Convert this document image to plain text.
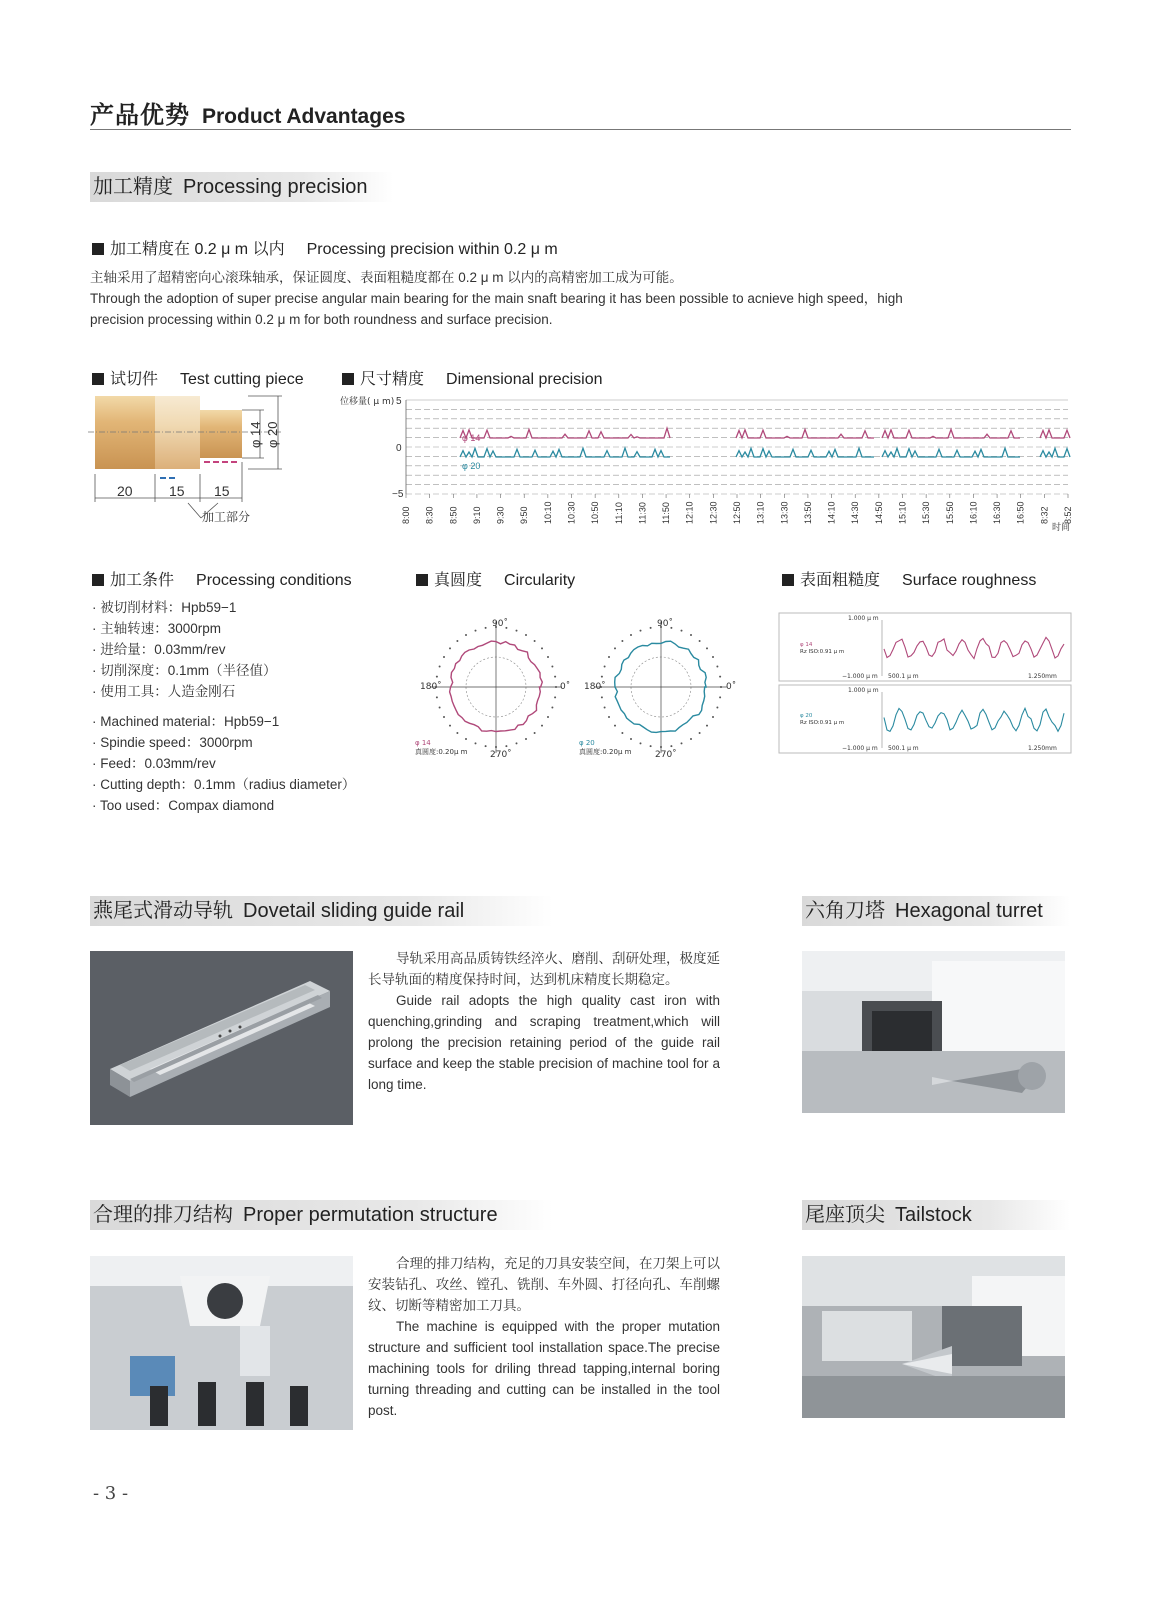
产品优势 Product Advantages
加工精度 Processing precision
加工精度在 0.2 μ m 以内 Processing precision within 0.2 μ m
主轴采用了超精密向心滚珠轴承，保证圆度、表面粗糙度都在 0.2 μ m 以内的高精密加工成为可能。
Through the adoption of super precise angular main bearing for the main snaft bearing it has been possible to acnieve high speed，high
precision processing within 0.2 μ m for both roundness and surface precision.
试切件 Test cutting piece
20	15 15
φ 14 φ 20
加工部分
尺寸精度 Dimensional precision
位移量( μ m) 5
0
−5
φ 14
φ 20
8:00 8:30 8:50 9:10 9:30 9:50 10:10 10:30 10:50 11:10 11:30 11:50 12:10 12:30 12:50 13:10 13:30 13:50 14:10 14:30 14:50 15:10 15:30 15:50 16:10 16:30 16:50 8:32 8:52
时间
加工条件 Processing conditions
· 被切削材料：Hpb59−1
· 主轴转速：3000rpm
· 进给量：0.03mm/rev
· 切削深度：0.1mm（半径值）
· 使用工具：人造金刚石
· Machined material：Hpb59−1
· Spindie speed：3000rpm
· Feed：0.03mm/rev
· Cutting depth：0.1mm（radius diameter）
· Too used：Compax diamond
真圆度 Circularity
90˚
180˚	0˚
270˚
φ 14
真圆度:0.20μ m
90˚
180˚	0˚
270˚
φ 20
真圆度:0.20μ m
表面粗糙度 Surface roughness
1.000 μ m
−1.000 μ m 500.1 μ m	1.250mm
φ 14
Rz ISO:0.91 μ m
1.000 μ m
−1.000 μ m 500.1 μ m	1.250mm
φ 20
Rz ISO:0.91 μ m
燕尾式滑动导轨 Dovetail sliding guide rail
导轨采用高品质铸铁经淬火、磨削、刮研处理，极度延长导轨面的精度保持时间，达到机床精度长期稳定。
Guide rail adopts the high quality cast iron with quenching,grinding and scraping treatment,which will prolong the precision retaining period of the guide rail surface and keep the stable precision of machine tool for a long time.
六角刀塔 Hexagonal turret
合理的排刀结构 Proper permutation structure
合理的排刀结构，充足的刀具安装空间，在刀架上可以安装钻孔、攻丝、镗孔、铣削、车外圆、打径向孔、车削螺纹、切断等精密加工刀具。
The machine is equipped with the proper mutation structure and sufficient tool installation space.The precise machining tools for driling thread tapping,internal boring turning threading and cutting can be installed in the tool post.
尾座顶尖 Tailstock
- 3 -
